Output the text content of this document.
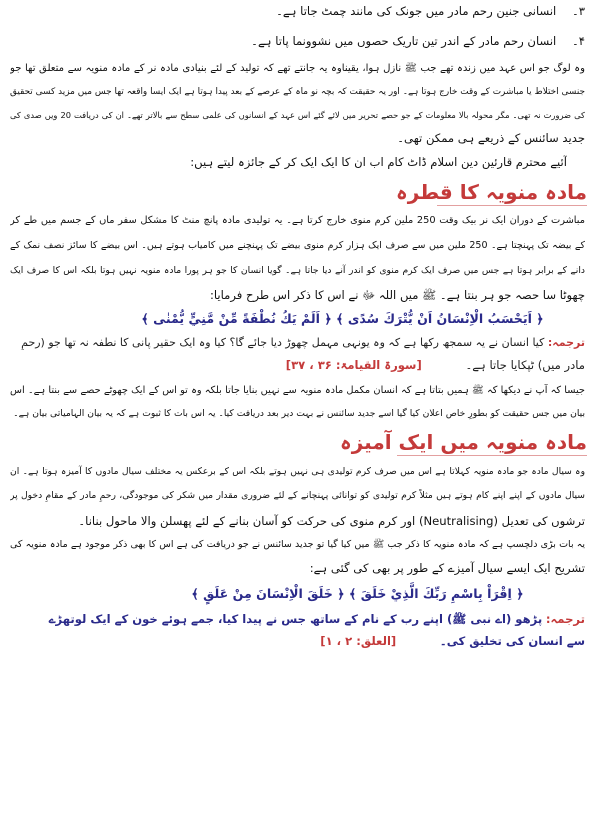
۳۔ انسانی جنین رحمِ مادر میں جونک کی مانند چمٹ جاتا ہے۔
۴۔ انسان رحمِ مادر کے اندر تین تاریک حصوں میں نشوونما پاتا ہے۔
وہ لوگ جو اس عہد میں زندہ تھے جب ﷺ نازل ہوا، یقیناوہ یہ جانتے تھے کہ تولید کے لئے بنیادی مادہ نر کے مادہ منویہ سے متعلق تھا جو
جنسی اختلاط یا مباشرت کے وقت خارج ہوتا ہے۔ اور یہ حقیقت کہ بچہ نو ماہ کے عرصے کے بعد پیدا ہوتا ہے ایک ایسا واقعہ تھا جس میں مزید کسی تحقیق
کی ضرورت نہ تھی۔ مگر محولہ بالا معلومات کے جو حصے تحریر میں لائے گئے اس عہد کے انسانوں کی علمی سطح سے بالاتر تھے۔ ان کی دریافت 20 ویں صدی کی
جدید سائنس کے ذریعے ہی ممکن تھی۔
آئیے محترم قارئین دینِ اسلام ڈاٹ کام اب ان کا ایک ایک کر کے جائزہ لیتے ہیں:
مادہ منویہ کا قطرہ
مباشرت کے دوران ایک نر بیک وقت 250 ملین کرم منوی خارج کرتا ہے۔ یہ تولیدی مادہ پانچ منٹ کا مشکل سفر ماں کے جسم میں طے کر
کے بیضہ تک پہنچتا ہے۔ 250 ملین میں سے صرف ایک ہزار کرم منوی بیضے تک پہنچنے میں کامیاب ہوتے ہیں۔ اس بیضے کا سائز نصف نمک کے
دانے کے برابر ہوتا ہے جس میں صرف ایک کرم منوی کو اندر آنے دیا جاتا ہے۔ گویا انسان کا جو ہر پورا مادہ منویہ نہیں ہوتا بلکہ اس کا صرف ایک
چھوٹا سا حصہ جو ہر بنتا ہے۔ ﷺ میں اللہ ﷻ نے اس کا ذکر اس طرح فرمایا:
﴿ اَيَحْسَبُ الْاِنْسَانُ اَنْ يُّتْرَكَ سُدًى ﴾ ﴿ اَلَمْ يَكُ نُطْفَةً مِّنْ مَّنِيٍّ يُّمْنٰى ﴾
ترجمہ: کیا انسان نے یہ سمجھ رکھا ہے کہ وہ یونہی مہمل چھوڑ دیا جائے گا؟ کیا وہ ایک حقیر پانی کا نطفہ نہ تھا جو (رحمِ
مادر میں) ٹپکایا جاتا ہے۔ [سورۃ القیامۃ: ۳۶ ، ۳۷]
جیسا کہ آپ نے دیکھا کہ ﷺ ہمیں بتاتا ہے کہ انسان مکمل مادہ منویہ سے نہیں بنایا جاتا بلکہ وہ تو اس کے ایک چھوٹے حصے سے بنتا ہے۔ اس
بیان میں جس حقیقت کو بطورِ خاص اعلان کیا گیا اسے جدید سائنس نے بہت دیر بعد دریافت کیا۔ یہ اس بات کا ثبوت ہے کہ یہ بیان الہامیاتی بیان ہے۔
مادہ منویہ میں ایک آمیزہ
وہ سیال مادہ جو مادہ منویہ کہلاتا ہے اس میں صرف کرم تولیدی ہی نہیں ہوتے بلکہ اس کے برعکس یہ مختلف سیال مادوں کا آمیزہ ہوتا ہے۔ ان
سیال مادوں کے اپنے اپنے کام ہوتے ہیں مثلاً کرم تولیدی کو توانائی پہنچانے کے لئے ضروری مقدار میں شکر کی موجودگی، رحمِ مادر کے مقامِ دخول پر
ترشوں کی تعدیل (Neutralising) اور کرم منوی کی حرکت کو آسان بنانے کے لئے پھسلن والا ماحول بنانا۔
یہ بات بڑی دلچسپ ہے کہ مادہ منویہ کا ذکر جب ﷺ میں کیا گیا تو جدید سائنس نے جو دریافت کی ہے اس کا بھی ذکر موجود ہے مادہ منویہ کی
تشریح ایک ایسے سیال آمیزے کے طور پر بھی کی گئی ہے:
﴿ اِقْرَاْ بِاسْمِ رَبِّكَ الَّذِيْ خَلَقَ ﴾ ﴿ خَلَقَ الْاِنْسَانَ مِنْ عَلَقٍ ﴾
ترجمہ: پڑھو (اے نبی ﷺ) اپنے رب کے نام کے ساتھ جس نے پیدا کیا، جمے ہوئے خون کے ایک لوتھڑے
سے انسان کی تخلیق کی۔ [العلق: ۲ ، ۱]
